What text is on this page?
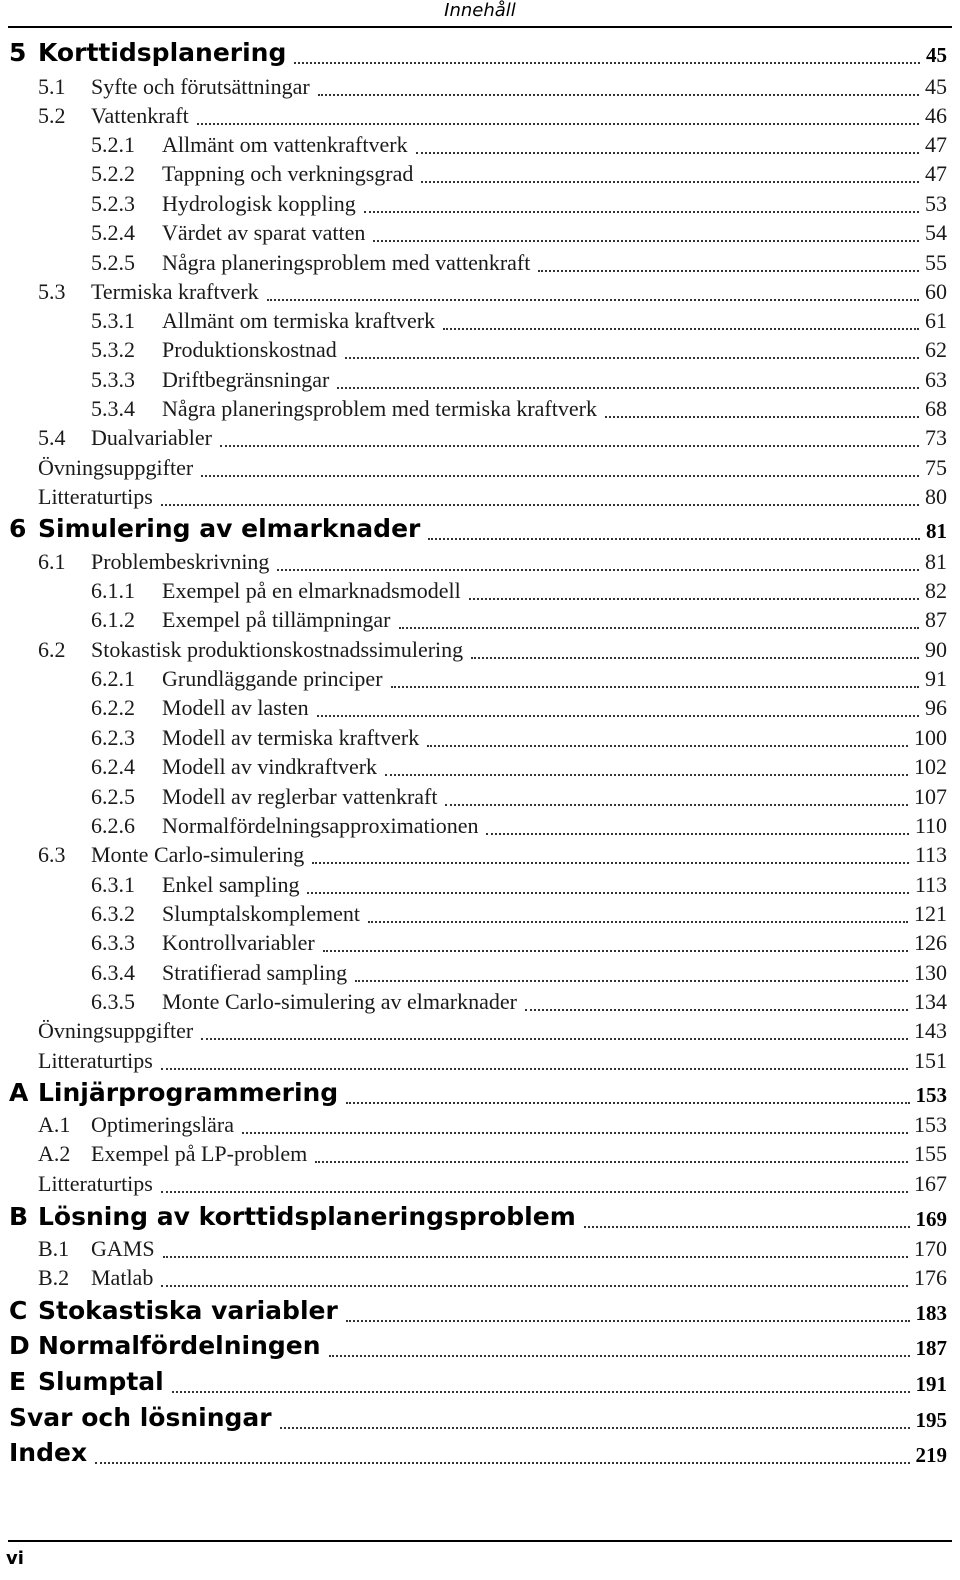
Innehåll
5 Korttidsplanering	45
5.1 Syfte och förutsättningar	45
5.2 Vattenkraft	46
5.2.1 Allmänt om vattenkraftverk	47
5.2.2 Tappning och verkningsgrad	47
5.2.3 Hydrologisk koppling	53
5.2.4 Värdet av sparat vatten	54
5.2.5 Några planeringsproblem med vattenkraft	55
5.3 Termiska kraftverk	60
5.3.1 Allmänt om termiska kraftverk	61
5.3.2 Produktionskostnad	62
5.3.3 Driftbegränsningar	63
5.3.4 Några planeringsproblem med termiska kraftverk	68
5.4 Dualvariabler	73
Övningsuppgifter	75
Litteraturtips	80
6 Simulering av elmarknader	81
6.1 Problembeskrivning	81
6.1.1 Exempel på en elmarknadsmodell	82
6.1.2 Exempel på tillämpningar	87
6.2 Stokastisk produktionskostnadssimulering	90
6.2.1 Grundläggande principer	91
6.2.2 Modell av lasten	96
6.2.3 Modell av termiska kraftverk	100
6.2.4 Modell av vindkraftverk	102
6.2.5 Modell av reglerbar vattenkraft	107
6.2.6 Normalfördelningsapproximationen	110
6.3 Monte Carlo-simulering	113
6.3.1 Enkel sampling	113
6.3.2 Slumptalskomplement	121
6.3.3 Kontrollvariabler	126
6.3.4 Stratifierad sampling	130
6.3.5 Monte Carlo-simulering av elmarknader	134
Övningsuppgifter	143
Litteraturtips	151
A Linjärprogrammering	153
A.1 Optimeringslära	153
A.2 Exempel på LP-problem	155
Litteraturtips	167
B Lösning av korttidsplaneringsproblem	169
B.1 GAMS	170
B.2 Matlab	176
C Stokastiska variabler	183
D Normalfördelningen	187
E Slumptal	191
Svar och lösningar	195
Index	219
vi
